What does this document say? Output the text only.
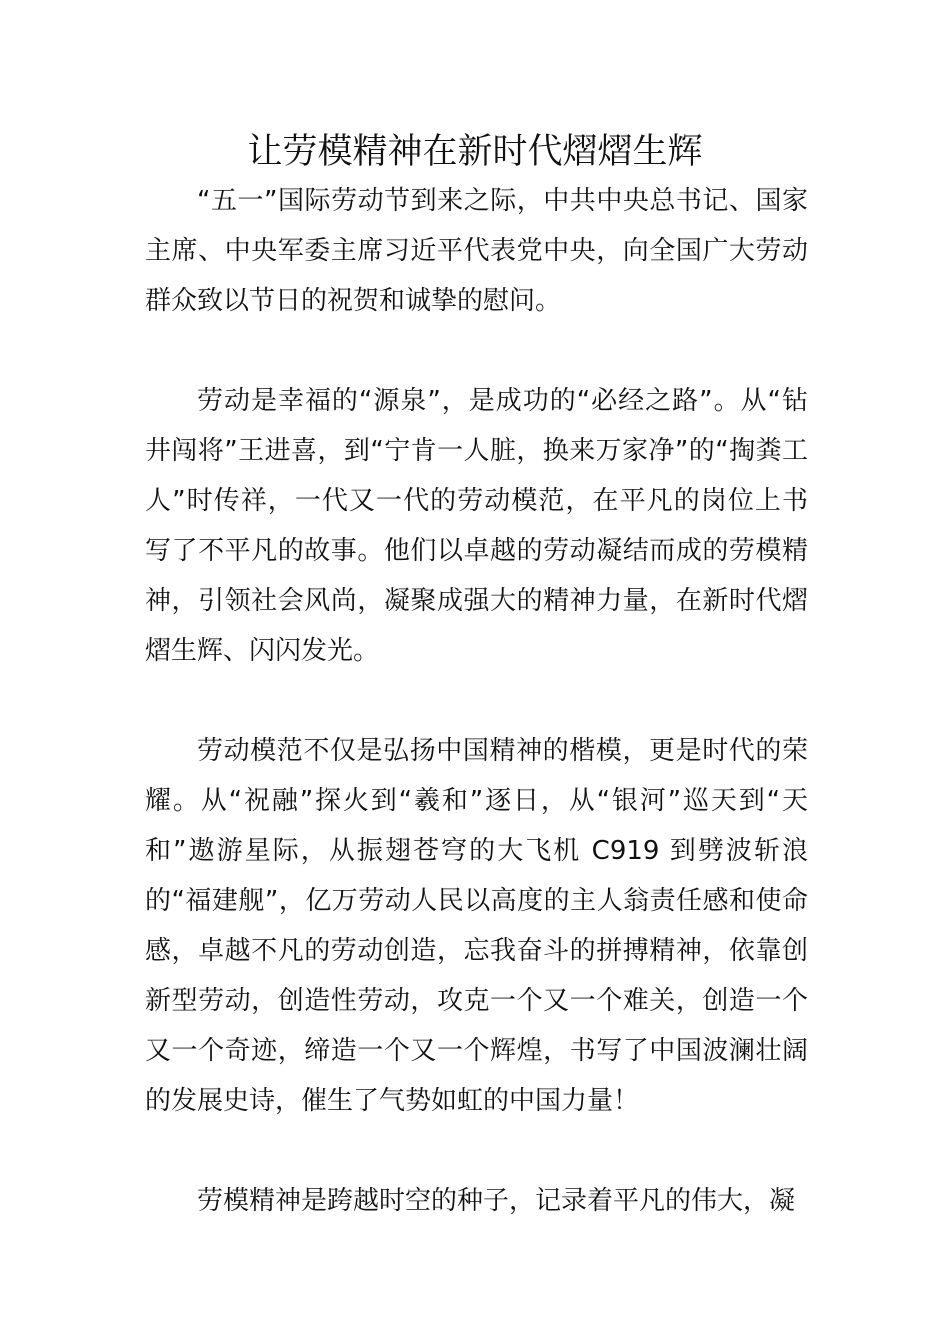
让劳模精神在新时代熠熠生辉

“五一”国际劳动节到来之际，中共中央总书记、国家主席、中央军委主席习近平代表党中央，向全国广大劳动群众致以节日的祝贺和诚挚的慰问。

劳动是幸福的“源泉”，是成功的“必经之路”。从“钻井闯将”王进喜，到“宁肯一人脏，换来万家净”的“掏粪工人”时传祥，一代又一代的劳动模范，在平凡的岗位上书写了不平凡的故事。他们以卓越的劳动凝结而成的劳模精神，引领社会风尚，凝聚成强大的精神力量，在新时代熠熠生辉、闪闪发光。

劳动模范不仅是弘扬中国精神的楷模，更是时代的荣耀。从“祝融”探火到“羲和”逐日，从“银河”巡天到“天和”遨游星际，从振翅苍穹的大飞机 C919 到劈波斩浪的“福建舰”，亿万劳动人民以高度的主人翁责任感和使命感，卓越不凡的劳动创造，忘我奋斗的拼搏精神，依靠创新型劳动，创造性劳动，攻克一个又一个难关，创造一个又一个奇迹，缔造一个又一个辉煌，书写了中国波澜壮阔的发展史诗，催生了气势如虹的中国力量！

劳模精神是跨越时空的种子，记录着平凡的伟大，凝
